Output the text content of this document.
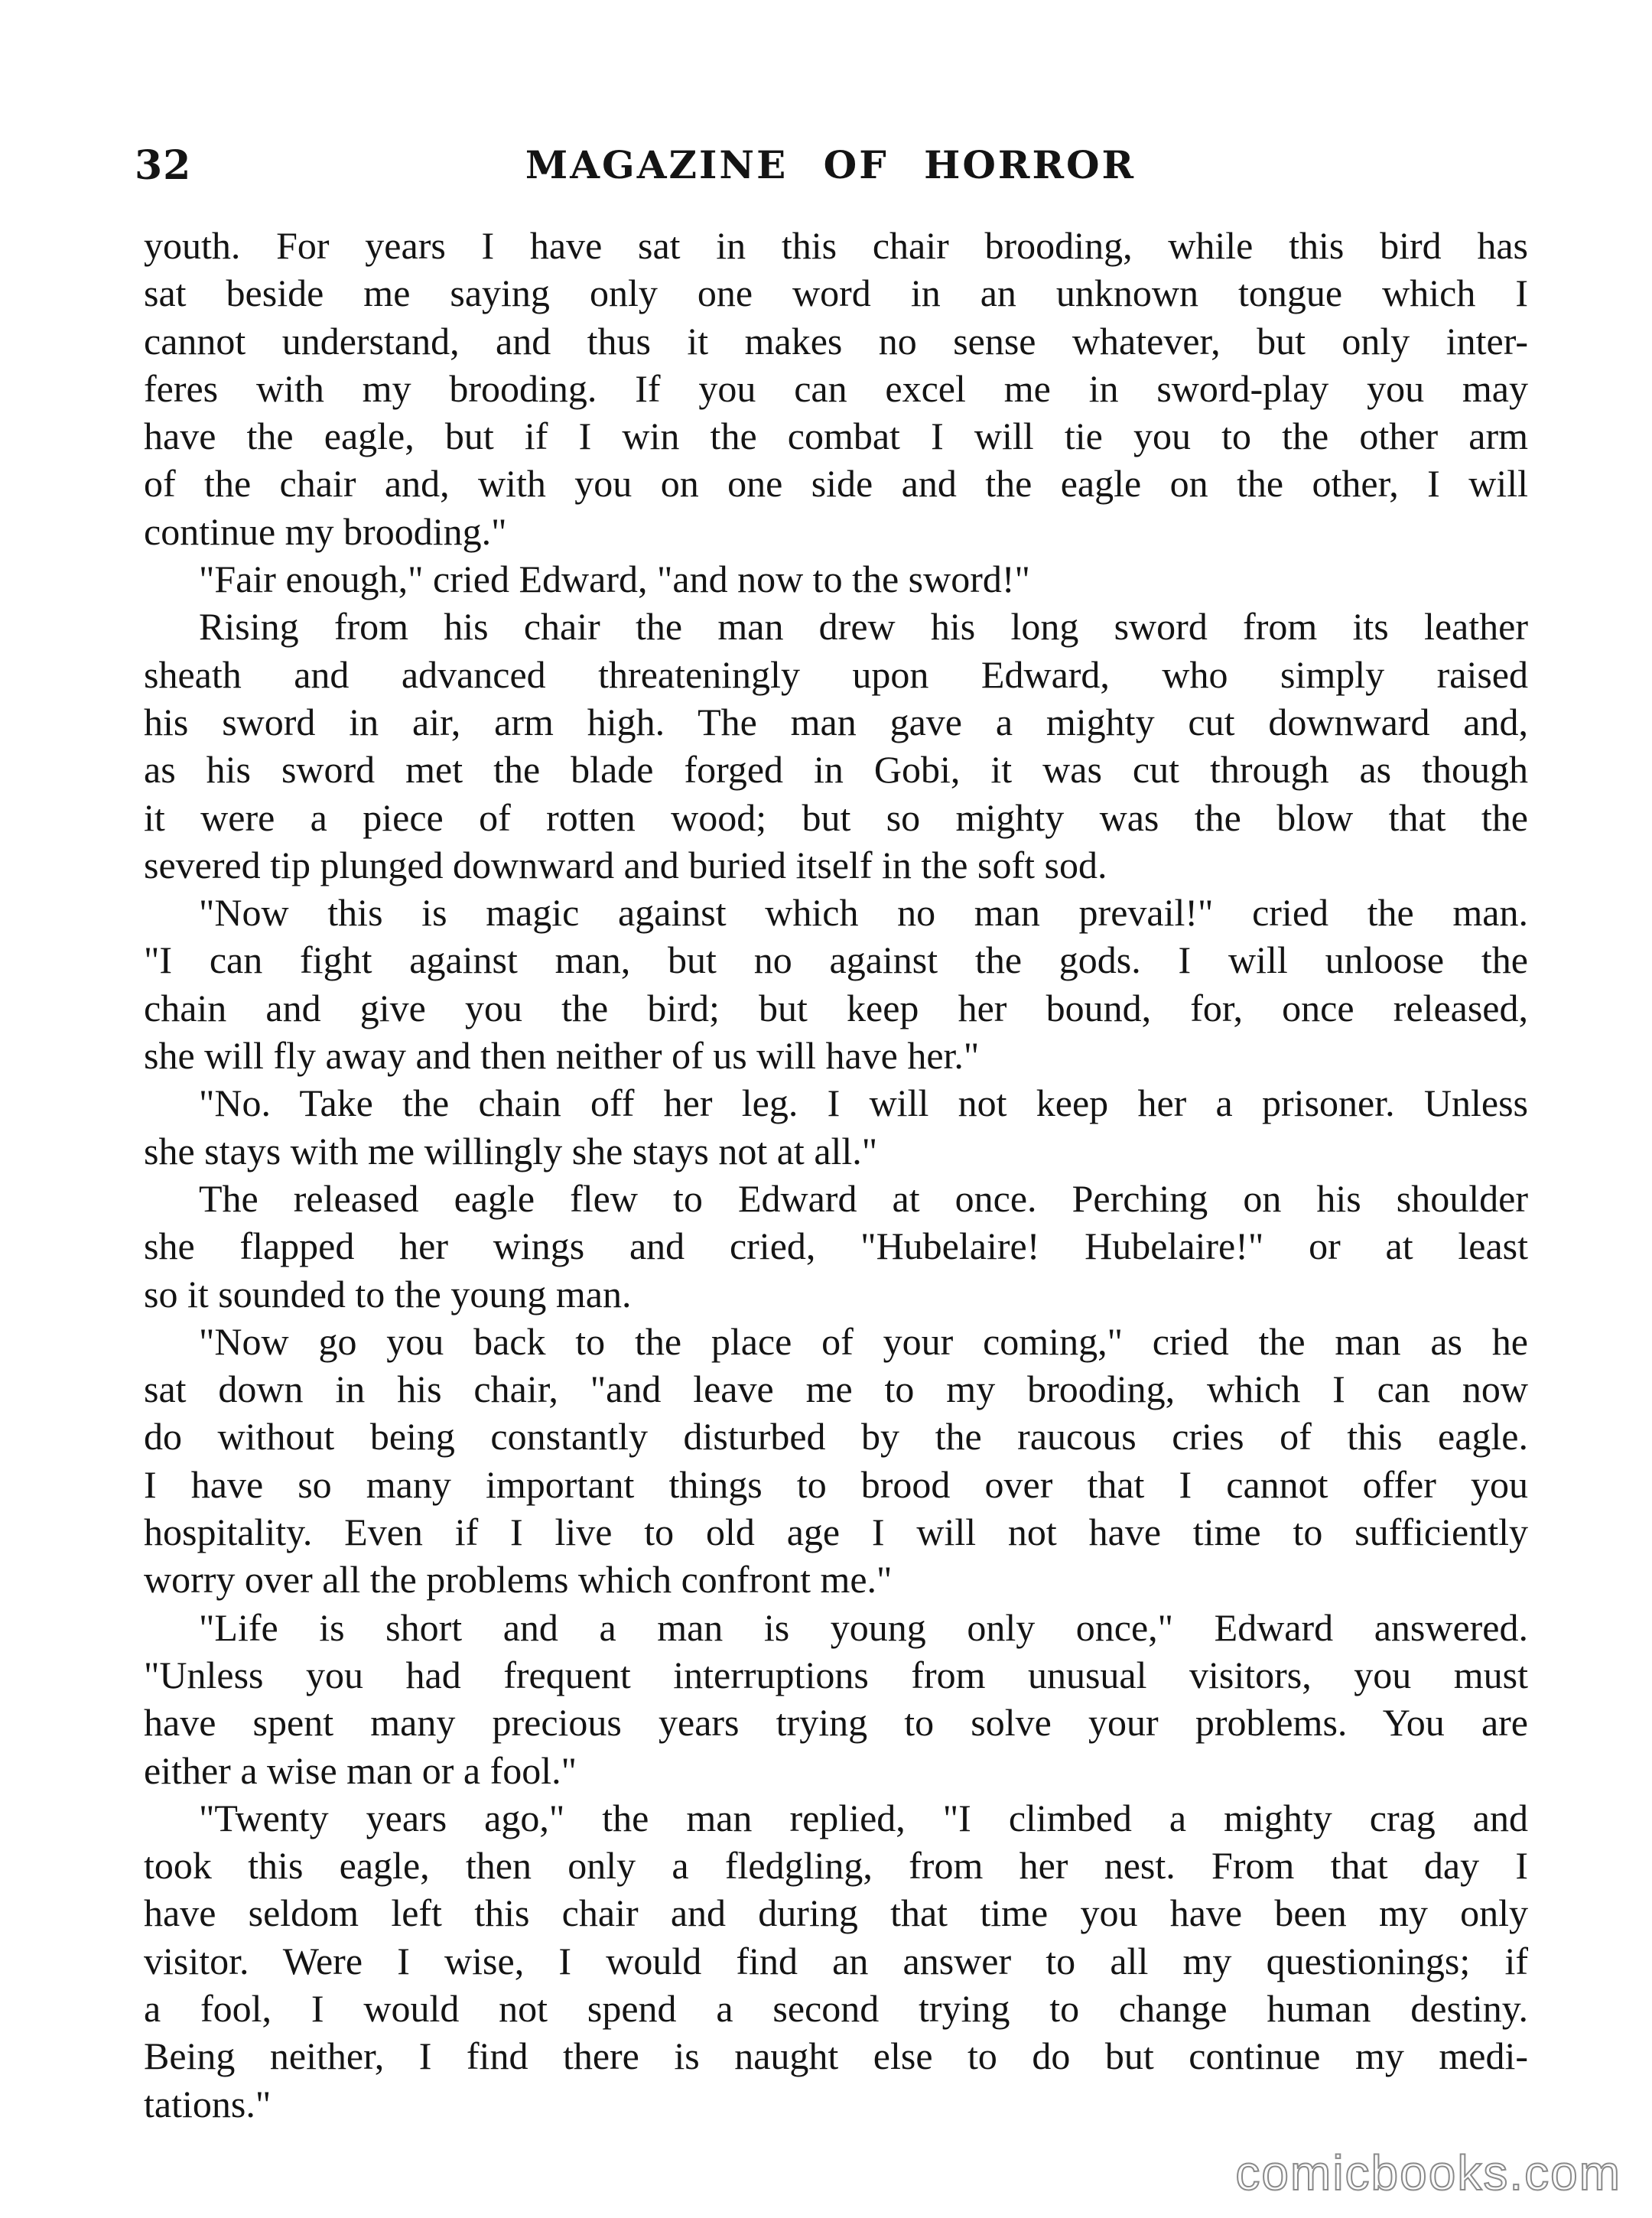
32	MAGAZINE OF HORROR
youth. For years I have sat in this chair brooding, while this bird has
sat beside me saying only one word in an unknown tongue which I
cannot understand, and thus it makes no sense whatever, but only inter-
feres with my brooding. If you can excel me in sword-play you may
have the eagle, but if I win the combat I will tie you to the other arm
of the chair and, with you on one side and the eagle on the other, I will
continue my brooding."
"Fair enough," cried Edward, "and now to the sword!"
Rising from his chair the man drew his long sword from its leather
sheath and advanced threateningly upon Edward, who simply raised
his sword in air, arm high. The man gave a mighty cut downward and,
as his sword met the blade forged in Gobi, it was cut through as though
it were a piece of rotten wood; but so mighty was the blow that the
severed tip plunged downward and buried itself in the soft sod.
"Now this is magic against which no man prevail!" cried the man.
"I can fight against man, but no against the gods. I will unloose the
chain and give you the bird; but keep her bound, for, once released,
she will fly away and then neither of us will have her."
"No. Take the chain off her leg. I will not keep her a prisoner. Unless
she stays with me willingly she stays not at all."
The released eagle flew to Edward at once. Perching on his shoulder
she flapped her wings and cried, "Hubelaire! Hubelaire!" or at least
so it sounded to the young man.
"Now go you back to the place of your coming," cried the man as he
sat down in his chair, "and leave me to my brooding, which I can now
do without being constantly disturbed by the raucous cries of this eagle.
I have so many important things to brood over that I cannot offer you
hospitality. Even if I live to old age I will not have time to sufficiently
worry over all the problems which confront me."
"Life is short and a man is young only once," Edward answered.
"Unless you had frequent interruptions from unusual visitors, you must
have spent many precious years trying to solve your problems. You are
either a wise man or a fool."
"Twenty years ago," the man replied, "I climbed a mighty crag and
took this eagle, then only a fledgling, from her nest. From that day I
have seldom left this chair and during that time you have been my only
visitor. Were I wise, I would find an answer to all my questionings; if
a fool, I would not spend a second trying to change human destiny.
Being neither, I find there is naught else to do but continue my medi-
tations."
comicbooks.com
